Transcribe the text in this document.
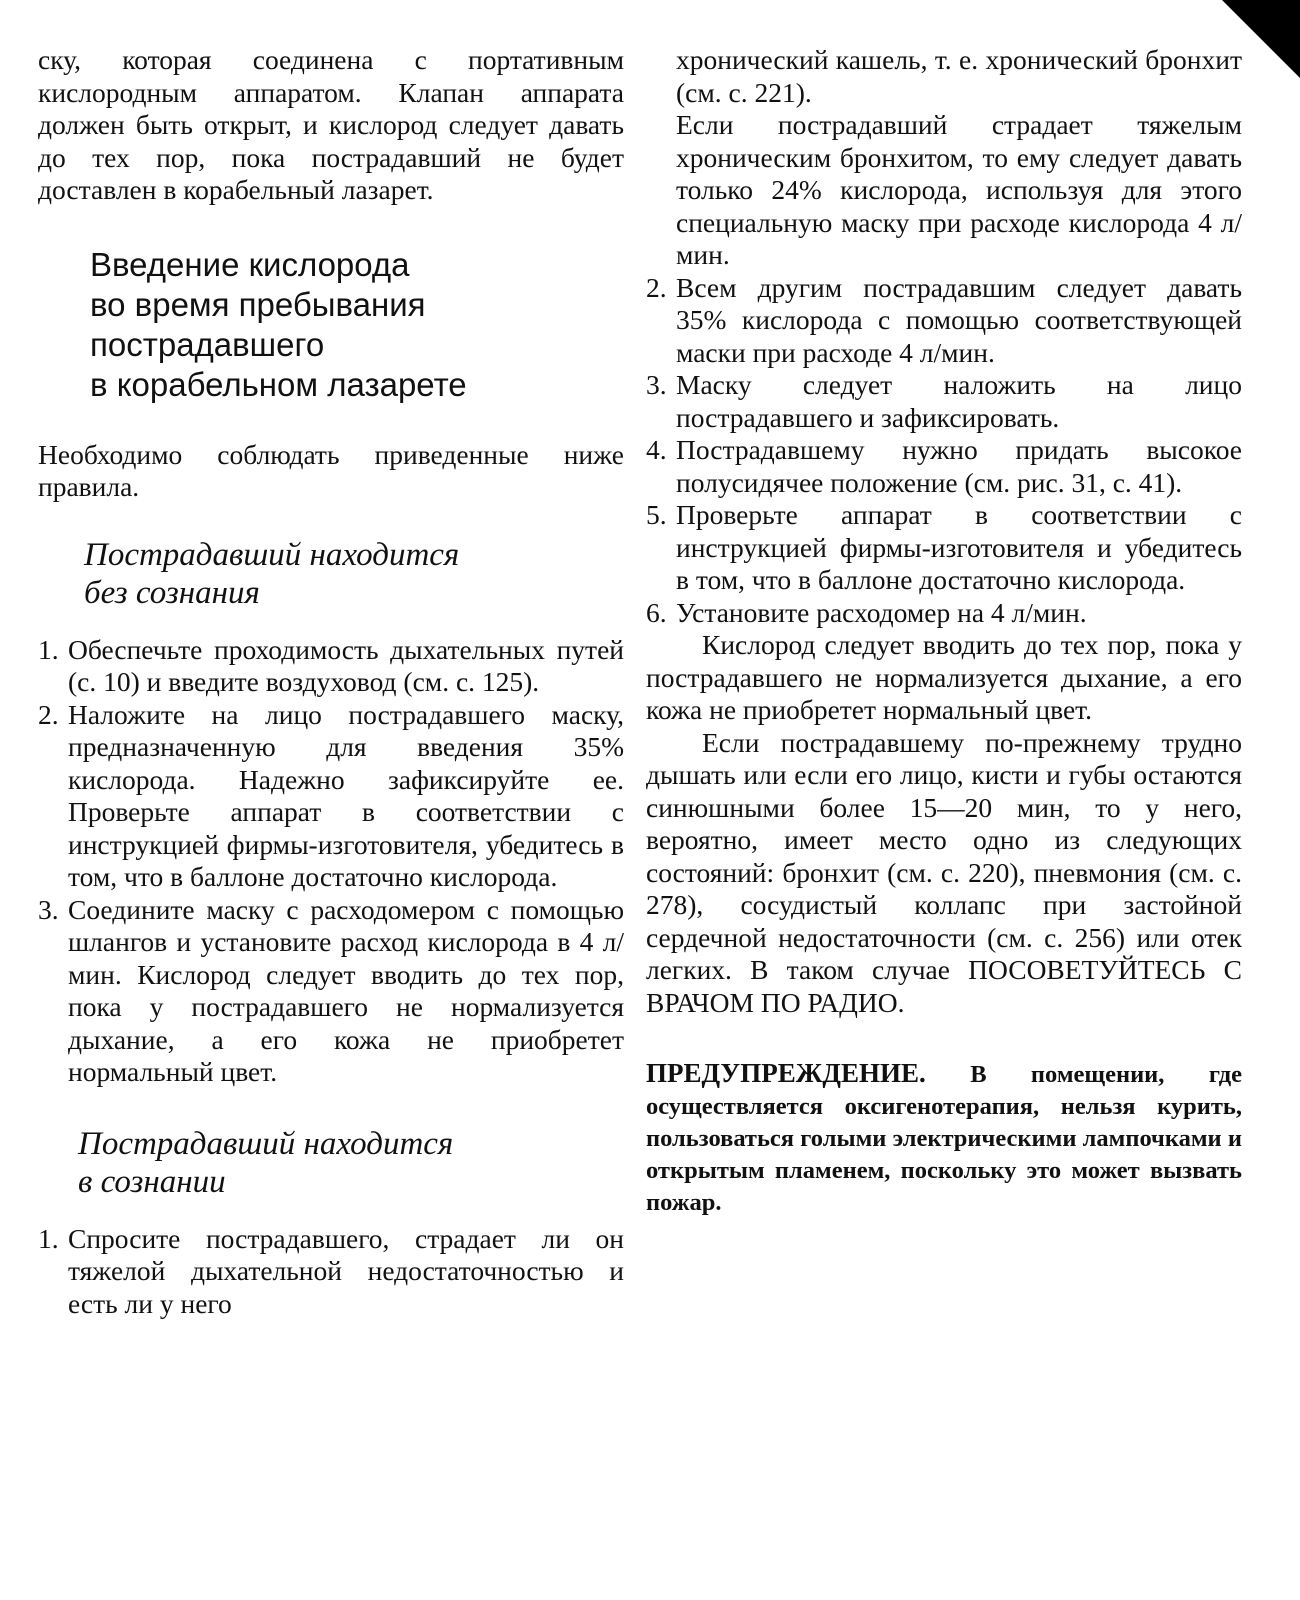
ску, которая соединена с портативным кислородным аппаратом. Клапан аппарата должен быть открыт, и кислород следует давать до тех пор, пока пострадавший не будет доставлен в корабельный лазарет.

Введение кислорода
во время пребывания
пострадавшего
в корабельном лазарете

Необходимо соблюдать приведенные ниже правила.

Пострадавший находится
без сознания
1. Обеспечьте проходимость дыхательных путей (с. 10) и введите воздуховод (см. с. 125).
2. Наложите на лицо пострадавшего маску, предназначенную для введения 35% кислорода. Надежно зафиксируйте ее. Проверьте аппарат в соответствии с инструкцией фирмы-изготовителя, убедитесь в том, что в баллоне достаточно кислорода.
3. Соедините маску с расходомером с помощью шлангов и установите расход кислорода в 4 л/мин. Кислород следует вводить до тех пор, пока у пострадавшего не нормализуется дыхание, а его кожа не приобретет нормальный цвет.
Пострадавший находится
в сознании
1. Спросите пострадавшего, страдает ли он тяжелой дыхательной недостаточностью и есть ли у него

хронический кашель, т. е. хронический бронхит (см. с. 221).

Если пострадавший страдает тяжелым хроническим бронхитом, то ему следует давать только 24% кислорода, используя для этого специальную маску при расходе кислорода 4 л/мин.

2. Всем другим пострадавшим следует давать 35% кислорода с помощью соответствующей маски при расходе 4 л/мин.
3. Маску следует наложить на лицо пострадавшего и зафиксировать.
4. Пострадавшему нужно придать высокое полусидячее положение (см. рис. 31, с. 41).
5. Проверьте аппарат в соответствии с инструкцией фирмы-изготовителя и убедитесь в том, что в баллоне достаточно кислорода.
6. Установите расходомер на 4 л/мин.

Кислород следует вводить до тех пор, пока у пострадавшего не нормализуется дыхание, а его кожа не приобретет нормальный цвет.

Если пострадавшему по-прежнему трудно дышать или если его лицо, кисти и губы остаются синюшными более 15—20 мин, то у него, вероятно, имеет место одно из следующих состояний: бронхит (см. с. 220), пневмония (см. с. 278), сосудистый коллапс при застойной сердечной недостаточности (см. с. 256) или отек легких. В таком случае ПОСОВЕТУЙТЕСЬ С ВРАЧОМ ПО РАДИО.

ПРЕДУПРЕЖДЕНИЕ. В помещении, где осуществляется оксигенотерапия, нельзя курить, пользоваться голыми электрическими лампочками и открытым пламенем, поскольку это может вызвать пожар.
